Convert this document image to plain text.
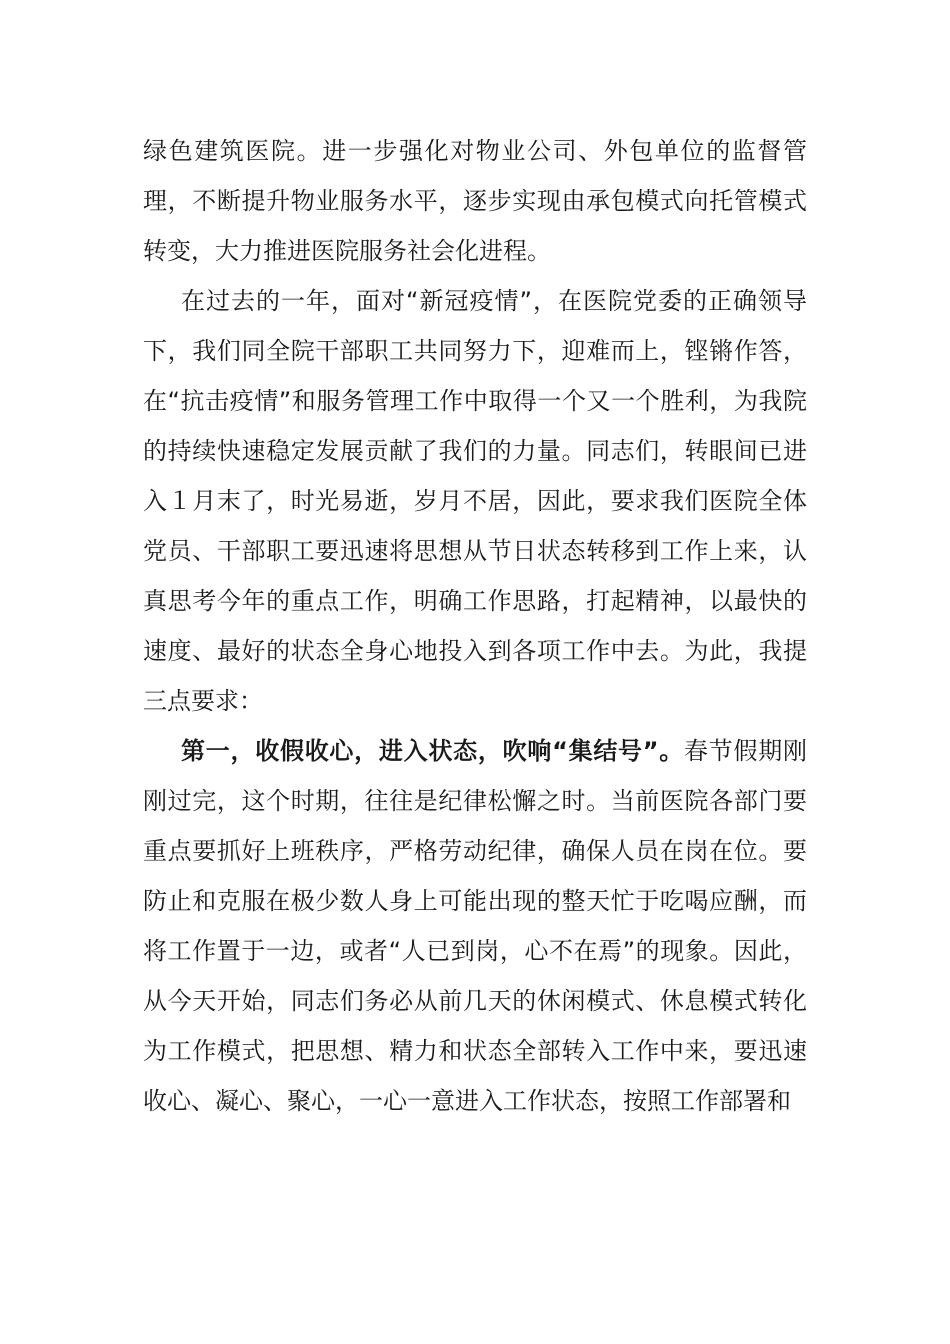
绿色建筑医院。进一步强化对物业公司、外包单位的监督管理，不断提升物业服务水平，逐步实现由承包模式向托管模式转变，大力推进医院服务社会化进程。

在过去的一年，面对“新冠疫情”，在医院党委的正确领导下，我们同全院干部职工共同努力下，迎难而上，铿锵作答，在“抗击疫情”和服务管理工作中取得一个又一个胜利，为我院的持续快速稳定发展贡献了我们的力量。同志们，转眼间已进入１月末了，时光易逝，岁月不居，因此，要求我们医院全体党员、干部职工要迅速将思想从节日状态转移到工作上来，认真思考今年的重点工作，明确工作思路，打起精神，以最快的速度、最好的状态全身心地投入到各项工作中去。为此，我提三点要求：

第一，收假收心，进入状态，吹响“集结号”。春节假期刚刚过完，这个时期，往往是纪律松懈之时。当前医院各部门要重点要抓好上班秩序，严格劳动纪律，确保人员在岗在位。要防止和克服在极少数人身上可能出现的整天忙于吃喝应酬，而将工作置于一边，或者“人已到岗，心不在焉”的现象。因此，从今天开始，同志们务必从前几天的休闲模式、休息模式转化为工作模式，把思想、精力和状态全部转入工作中来，要迅速收心、凝心、聚心，一心一意进入工作状态，按照工作部署和
